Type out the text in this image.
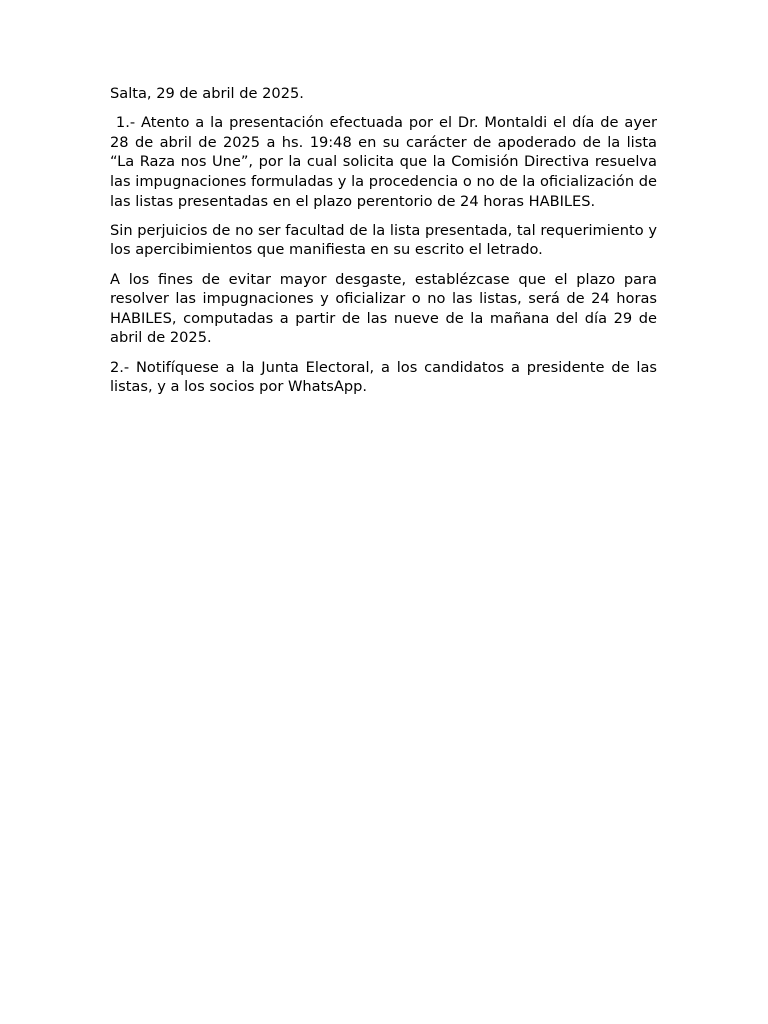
Salta, 29 de abril de 2025.

1.- Atento a la presentación efectuada por el Dr. Montaldi el día de ayer 28 de abril de 2025 a hs. 19:48 en su carácter de apoderado de la lista “La Raza nos Une”, por la cual solicita que la Comisión Directiva resuelva las impugnaciones formuladas y la procedencia o no de la oficialización de las listas presentadas en el plazo perentorio de 24 horas HABILES.

Sin perjuicios de no ser facultad de la lista presentada, tal requerimiento y los apercibimientos que manifiesta en su escrito el letrado.

A los fines de evitar mayor desgaste, establézcase que el plazo para resolver las impugnaciones y oficializar o no las listas, será de 24 horas HABILES, computadas a partir de las nueve de la mañana del día 29 de abril de 2025.

2.- Notifíquese a la Junta Electoral, a los candidatos a presidente de las listas, y a los socios por WhatsApp.
